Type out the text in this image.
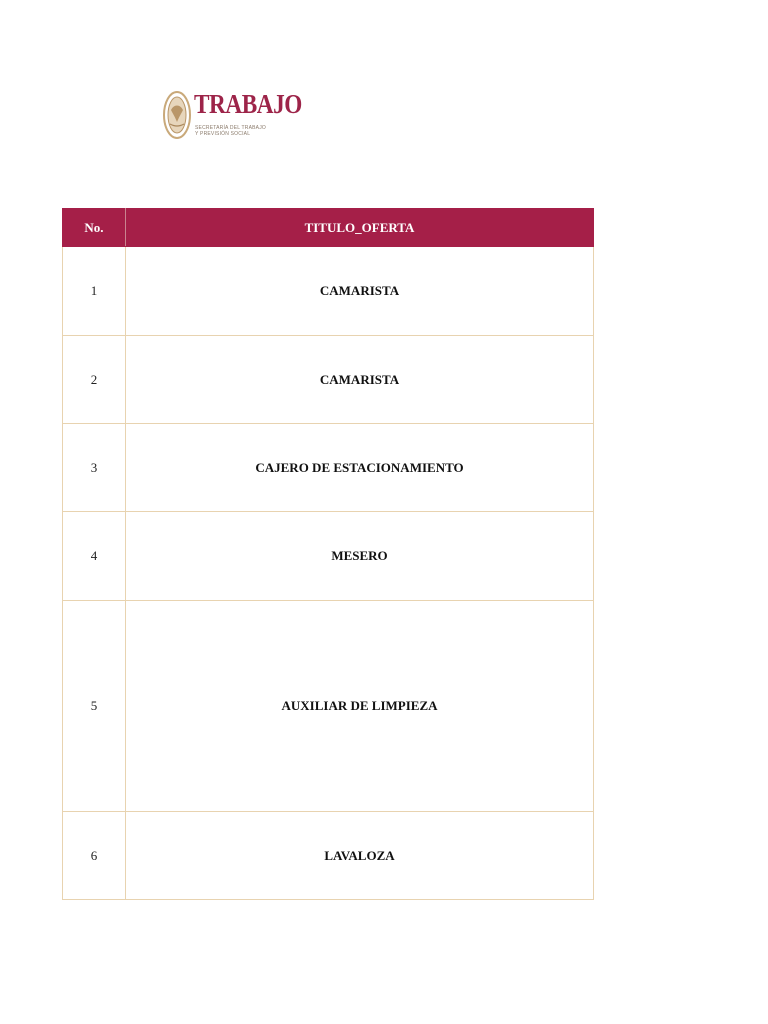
TRABAJO
SECRETARÍA DEL TRABAJO
Y PREVISIÓN SOCIAL
No.	TITULO_OFERTA
1	CAMARISTA
2	CAMARISTA
3	CAJERO DE ESTACIONAMIENTO
4	MESERO
5	AUXILIAR DE LIMPIEZA
6	LAVALOZA
